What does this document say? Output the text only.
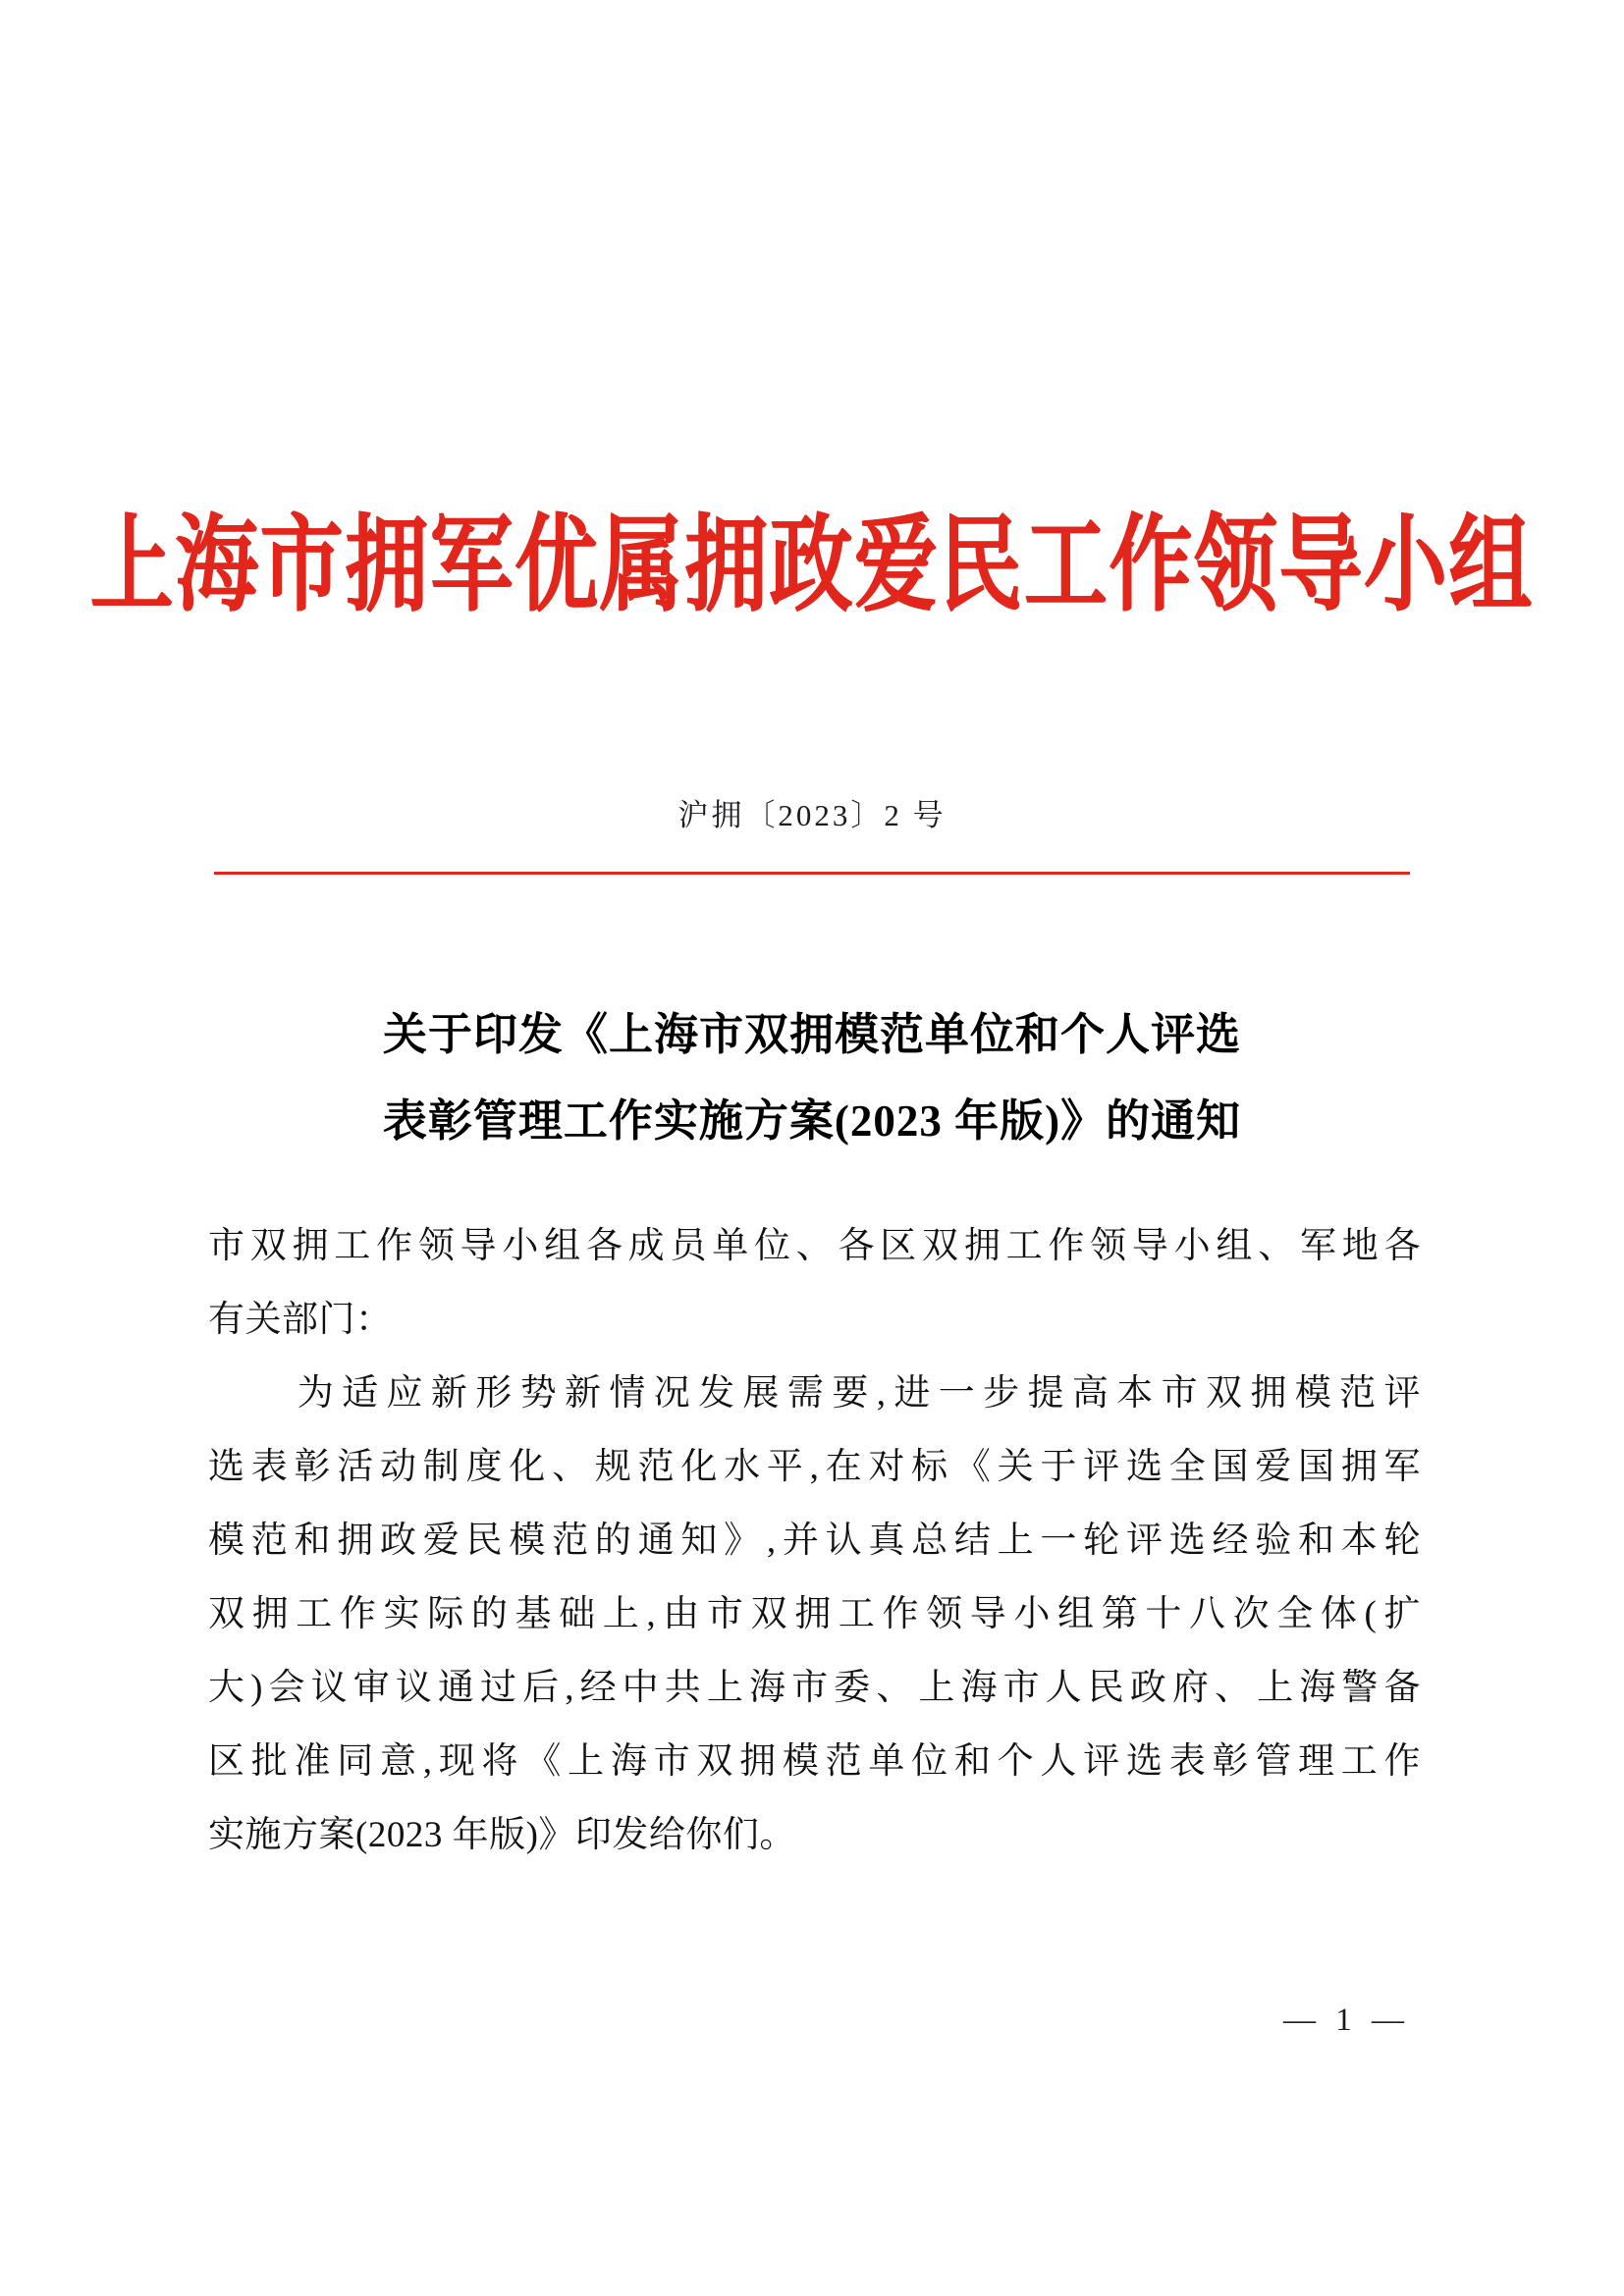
上海市拥军优属拥政爱民工作领导小组
沪拥〔2023〕2 号
关于印发《上海市双拥模范单位和个人评选
表彰管理工作实施方案(2023 年版)》的通知
市双拥工作领导小组各成员单位、各区双拥工作领导小组、军地各
有关部门：
　　为适应新形势新情况发展需要,进一步提高本市双拥模范评
选表彰活动制度化、规范化水平,在对标《关于评选全国爱国拥军
模范和拥政爱民模范的通知》,并认真总结上一轮评选经验和本轮
双拥工作实际的基础上,由市双拥工作领导小组第十八次全体(扩
大)会议审议通过后,经中共上海市委、上海市人民政府、上海警备
区批准同意,现将《上海市双拥模范单位和个人评选表彰管理工作
实施方案(2023 年版)》印发给你们。
— 1 —
